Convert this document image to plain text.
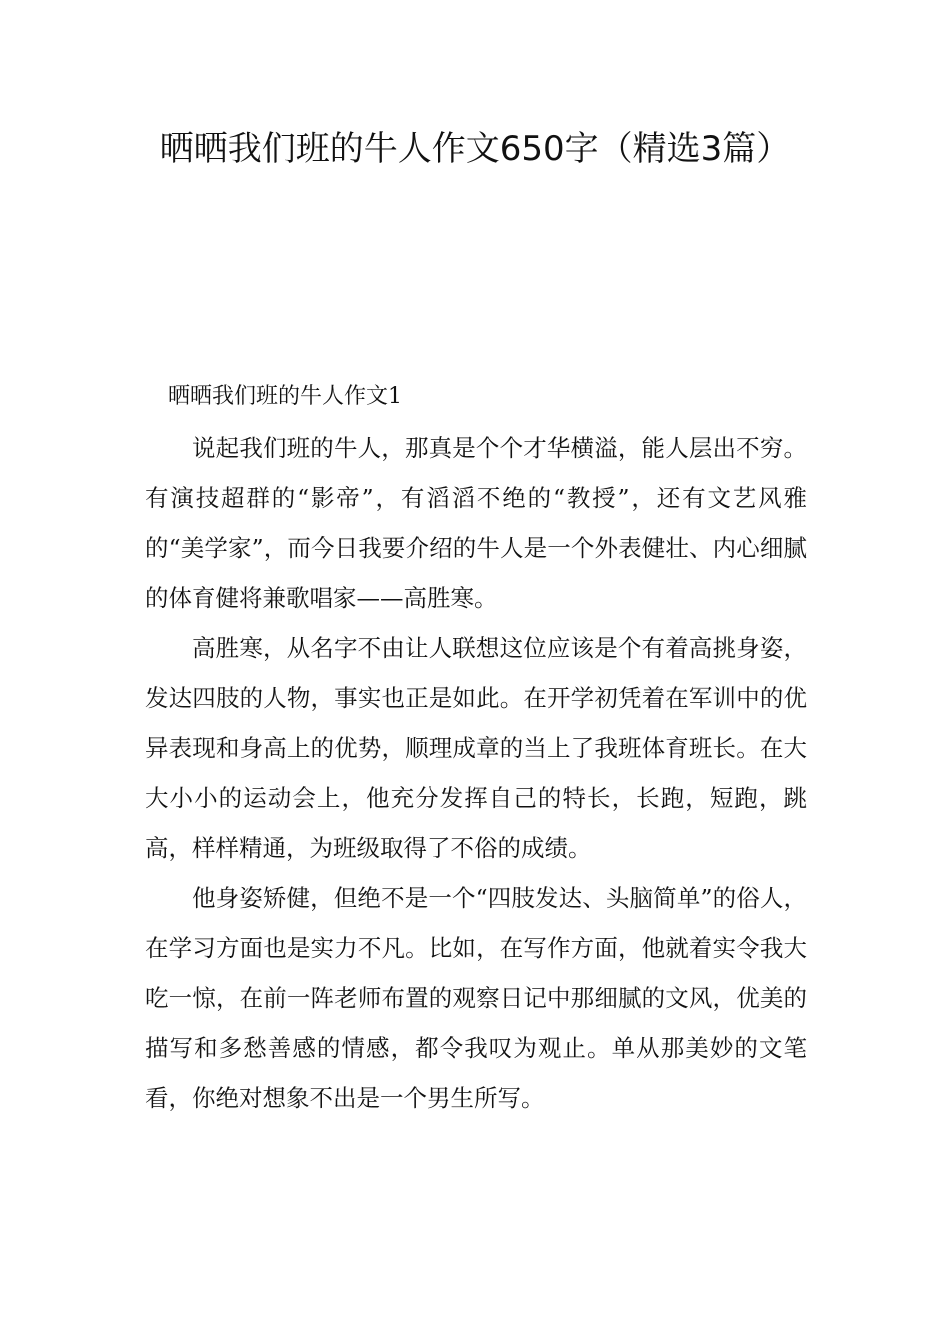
晒晒我们班的牛人作文650字（精选3篇）
晒晒我们班的牛人作文1

说起我们班的牛人，那真是个个才华横溢，能人层出不穷。有演技超群的“影帝”，有滔滔不绝的“教授”，还有文艺风雅的“美学家”，而今日我要介绍的牛人是一个外表健壮、内心细腻的体育健将兼歌唱家——高胜寒。

高胜寒，从名字不由让人联想这位应该是个有着高挑身姿，发达四肢的人物，事实也正是如此。在开学初凭着在军训中的优异表现和身高上的优势，顺理成章的当上了我班体育班长。在大大小小的运动会上，他充分发挥自己的特长，长跑，短跑，跳高，样样精通，为班级取得了不俗的成绩。

他身姿矫健，但绝不是一个“四肢发达、头脑简单”的俗人，在学习方面也是实力不凡。比如，在写作方面，他就着实令我大吃一惊，在前一阵老师布置的观察日记中那细腻的文风，优美的描写和多愁善感的情感，都令我叹为观止。单从那美妙的文笔看，你绝对想象不出是一个男生所写。
